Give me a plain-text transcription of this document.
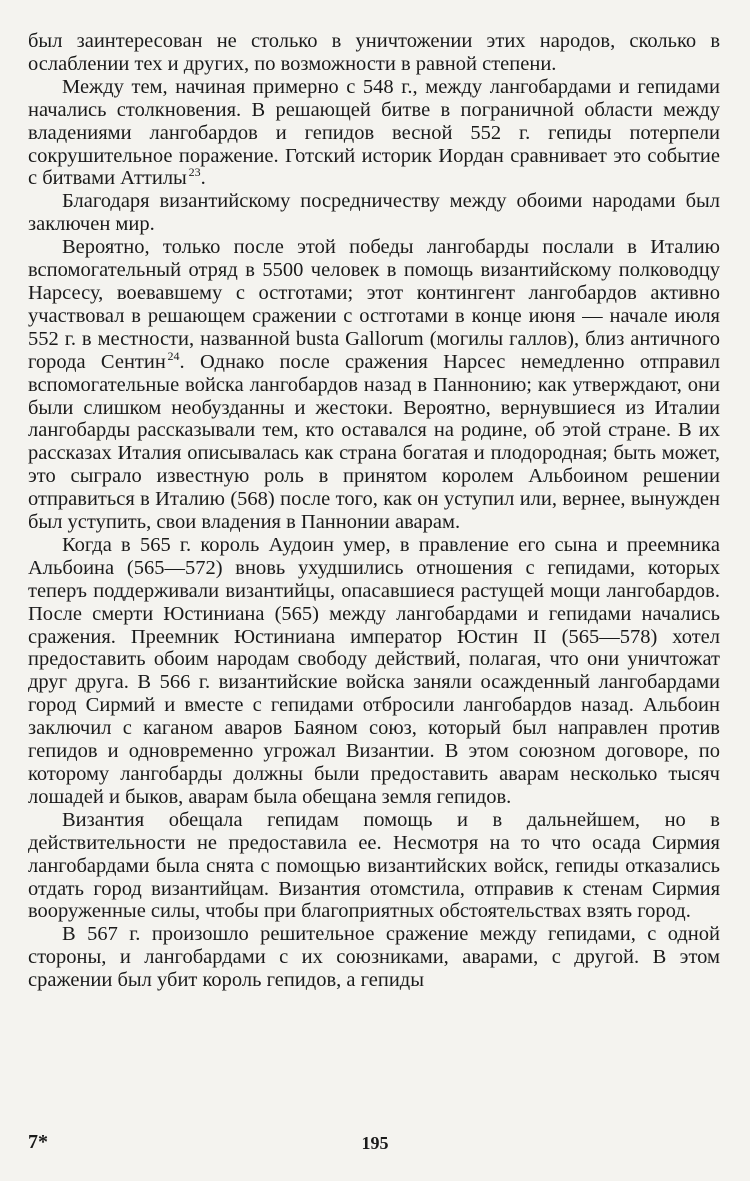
был заинтересован не столько в уничтожении этих народов, сколько в ослаблении тех и других, по возможности в равной степени.

Между тем, начиная примерно с 548 г., между лангобардами и гепидами начались столкновения. В решающей битве в пограничной области между владениями лангобардов и гепидов весной 552 г. гепиды потерпели сокрушительное поражение. Готский историк Иордан сравнивает это событие с битвами Аттилы  $^{23}$.

Благодаря византийскому посредничеству между обоими народами был заключен мир.

Вероятно, только после этой победы лангобарды послали в Италию вспомогательный отряд в 5500 человек в помощь византийскому полководцу Нарсесу, воевавшему с остготами; этот контингент лангобардов активно участвовал в решающем сражении с остготами в конце июня — начале июля 552 г. в местности, названной busta Gallorum (могилы галлов), близ античного города Сентин  $^{24}$. Однако после сражения Нарсес немедленно отправил вспомогательные войска лангобардов назад в Паннонию; как утверждают, они были слишком необузданны и жестоки. Вероятно, вернувшиеся из Италии лангобарды рассказывали тем, кто оставался на родине, об этой стране. В их рассказах Италия описывалась как страна богатая и плодородная; быть может, это сыграло известную роль в принятом королем Альбоином решении отправиться в Италию (568) после того, как он уступил или, вернее, вынужден был уступить, свои владения в Паннонии аварам.

Когда в 565 г. король Аудоин умер, в правление его сына и преемника Альбоина (565—572) вновь ухудшились отношения с гепидами, которых теперъ поддерживали византийцы, опасавшиеся растущей мощи лангобардов. После смерти Юстиниана (565) между лангобардами и гепидами начались сражения. Преемник Юстиниана император Юстин II (565—578) хотел предоставить обоим народам свободу действий, полагая, что они уничтожат друг друга. В 566 г. византийские войска заняли осажденный лангобардами город Сирмий и вместе с гепидами отбросили лангобардов назад. Альбоин заключил с каганом аваров Баяном союз, который был направлен против гепидов и одновременно угрожал Византии. В этом союзном договоре, по которому лангобарды должны были предоставить аварам несколько тысяч лошадей и быков, аварам была обещана земля гепидов.

Византия обещала гепидам помощь и в дальнейшем, но в действительности не предоставила ее. Несмотря на то что осада Сирмия лангобардами была снята с помощью византийских войск, гепиды отказались отдать город византийцам. Византия отомстила, отправив к стенам Сирмия вооруженные силы, чтобы при благоприятных обстоятельствах взять город.

В 567 г. произошло решительное сражение между гепидами, с одной стороны, и лангобардами с их союзниками, аварами, с другой. В этом сражении был убит король гепидов, а гепиды

7*	195
